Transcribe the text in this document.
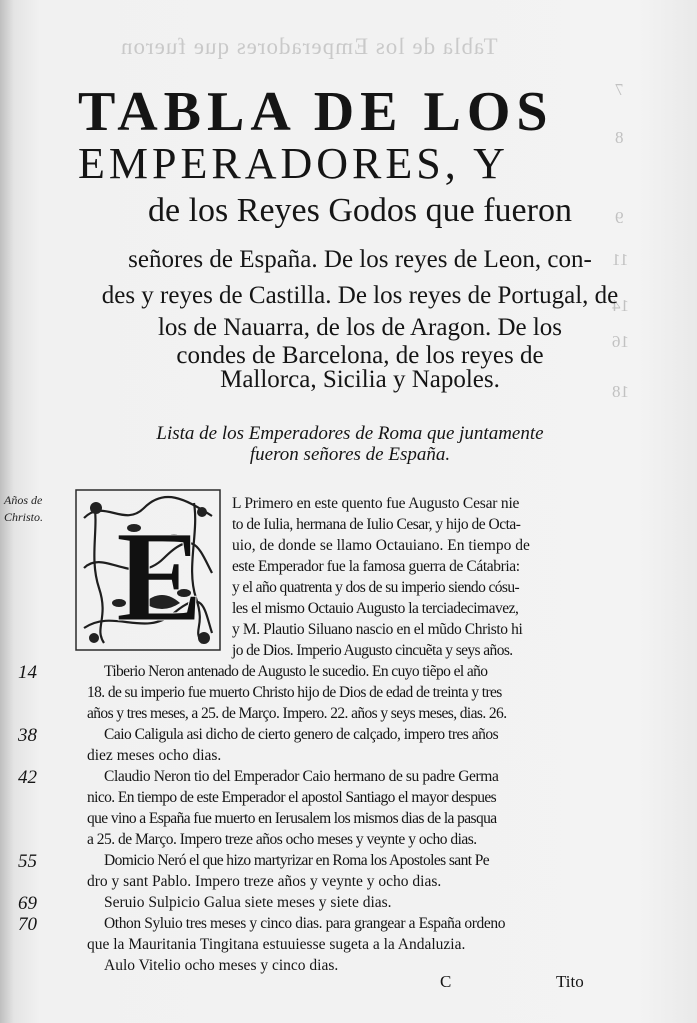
Tabla de los Emperadores que fueron
7
8
9
11
14
16
18
TABLA DE LOS
EMPERADORES, Y
de los Reyes Godos que fueron
señores de España. De los reyes de Leon, con-
des y reyes de Castilla. De los reyes de Portugal, de
los de Nauarra, de los de Aragon. De los
condes de Barcelona, de los reyes de
Mallorca, Sicilia y Napoles.
Lista de los Emperadores de Roma que juntamente
fueron señores de España.
Años de Christo. E
L Primero en este quento fue Augusto Cesar nie
to de Iulia, hermana de Iulio Cesar, y hijo de Octa-
uio, de donde se llamo Octauiano. En tiempo de
este Emperador fue la famosa guerra de Cátabria:
y el año quatrenta y dos de su imperio siendo cósu-
les el mismo Octauio Augusto la terciadecimavez,
y M. Plautio Siluano nascio en el mũdo Christo hi
jo de Dios. Imperio Augusto cincuẽta y seys años.
14	Tiberio Neron antenado de Augusto le sucedio. En cuyo tiẽpo el año
18. de su imperio fue muerto Christo hijo de Dios de edad de treinta y tres
años y tres meses, a 25. de Março. Impero. 22. años y seys meses, dias. 26.
38	Caio Caligula asi dicho de cierto genero de calçado, impero tres años
diez meses ocho dias.
42	Claudio Neron tio del Emperador Caio hermano de su padre Germa
nico. En tiempo de este Emperador el apostol Santiago el mayor despues
que vino a España fue muerto en Ierusalem los mismos dias de la pasqua
a 25. de Março. Impero treze años ocho meses y veynte y ocho dias.
55	Domicio Neró el que hizo martyrizar en Roma los Apostoles sant Pe
dro y sant Pablo. Impero treze años y veynte y ocho dias.
69	Seruio Sulpicio Galua siete meses y siete dias.
70	Othon Syluio tres meses y cinco dias. para grangear a España ordeno
que la Mauritania Tingitana estuuiesse sugeta a la Andaluzia.
Aulo Vitelio ocho meses y cinco dias.
C	Tito
